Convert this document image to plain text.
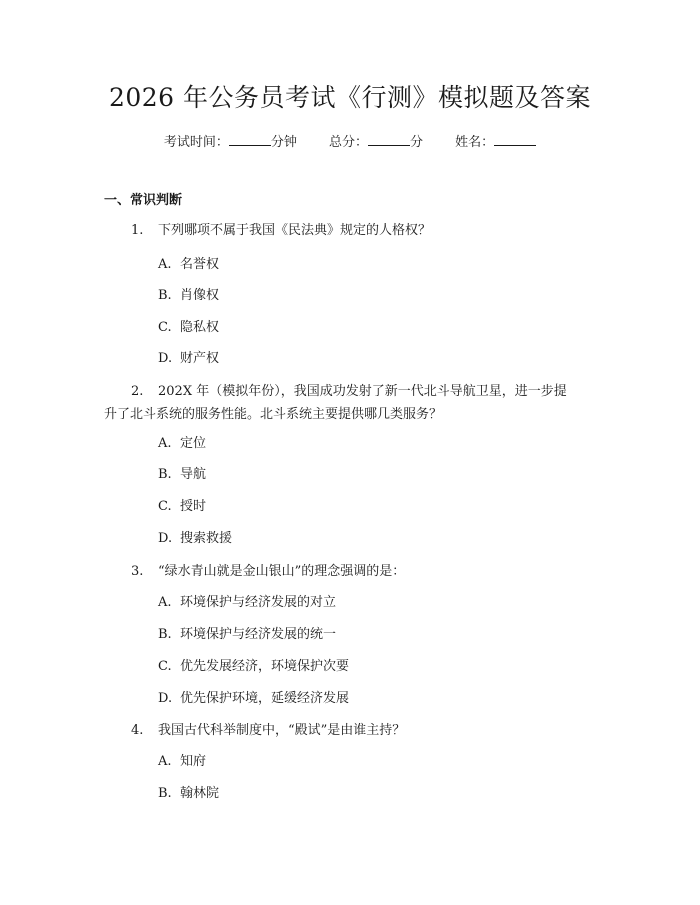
2026 年公务员考试《行测》模拟题及答案
考试时间：	分钟 总分：	分 姓名：
一、常识判断
1.	下列哪项不属于我国《民法典》规定的人格权？
A. 名誉权
B. 肖像权
C. 隐私权
D. 财产权
2.	202X 年（模拟年份），我国成功发射了新一代北斗导航卫星，进一步提
升了北斗系统的服务性能。北斗系统主要提供哪几类服务？
A. 定位
B. 导航
C. 授时
D. 搜索救援
3.	“绿水青山就是金山银山”的理念强调的是：
A. 环境保护与经济发展的对立
B. 环境保护与经济发展的统一
C. 优先发展经济，环境保护次要
D. 优先保护环境，延缓经济发展
4.	我国古代科举制度中，“殿试”是由谁主持？
A. 知府
B. 翰林院
